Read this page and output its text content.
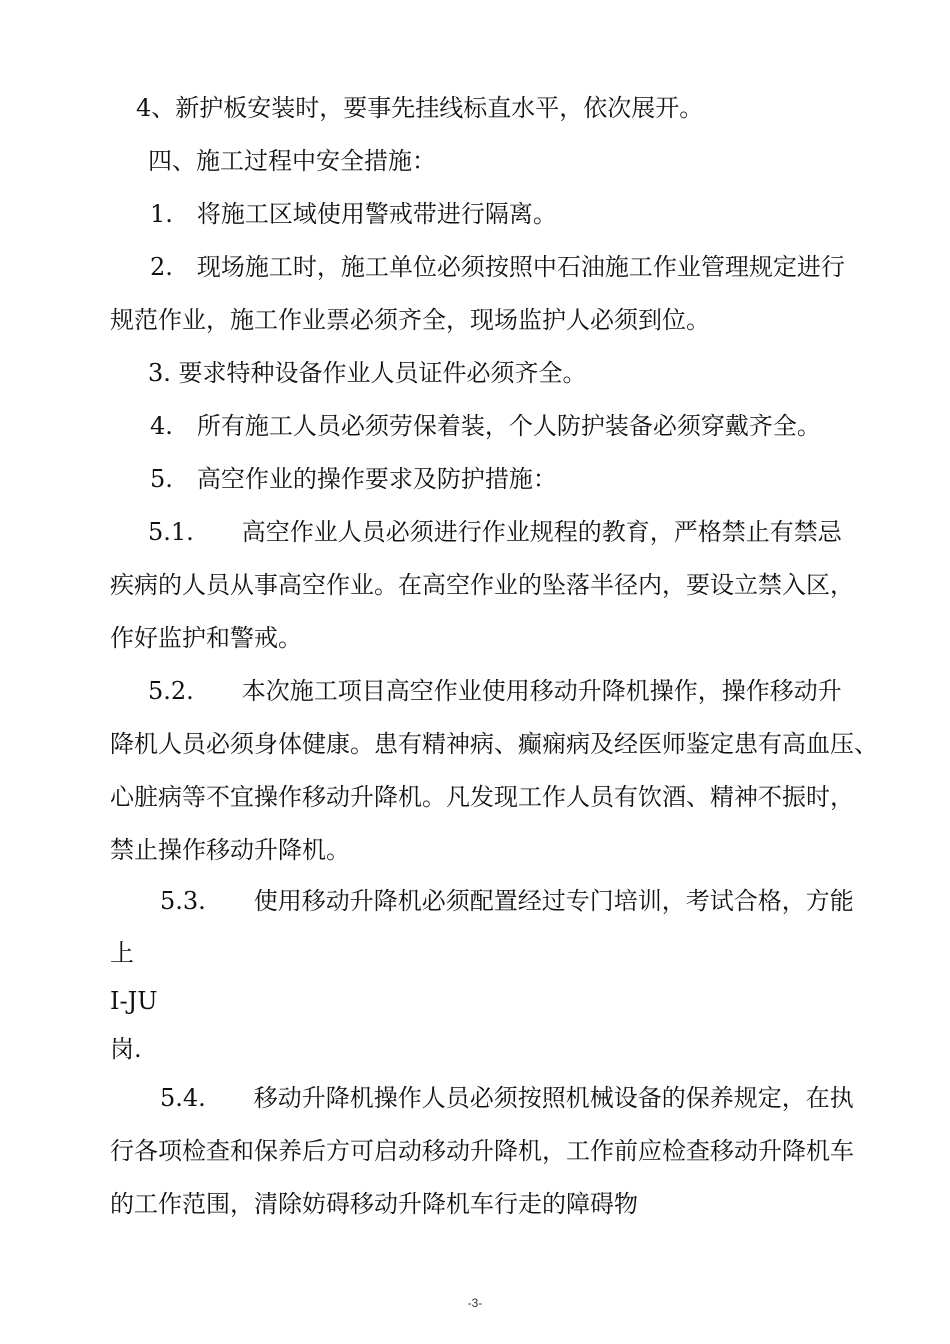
4、新护板安装时，要事先挂线标直水平，依次展开。

四、施工过程中安全措施：

1.　将施工区域使用警戒带进行隔离。

2.　现场施工时，施工单位必须按照中石油施工作业管理规定进行

规范作业，施工作业票必须齐全，现场监护人必须到位。

3. 要求特种设备作业人员证件必须齐全。

4.　所有施工人员必须劳保着装，个人防护装备必须穿戴齐全。

5.　高空作业的操作要求及防护措施：

5.1.　　高空作业人员必须进行作业规程的教育，严格禁止有禁忌

疾病的人员从事高空作业。在高空作业的坠落半径内，要设立禁入区，

作好监护和警戒。

5.2.　　本次施工项目高空作业使用移动升降机操作，操作移动升

降机人员必须身体健康。患有精神病、癫痫病及经医师鉴定患有高血压、

心脏病等不宜操作移动升降机。凡发现工作人员有饮酒、精神不振时，

禁止操作移动升降机。

5.3.　　使用移动升降机必须配置经过专门培训，考试合格，方能

上

I-JU

岗.

5.4.　　移动升降机操作人员必须按照机械设备的保养规定，在执

行各项检查和保养后方可启动移动升降机，工作前应检查移动升降机车

的工作范围，清除妨碍移动升降机车行走的障碍物

-3-
